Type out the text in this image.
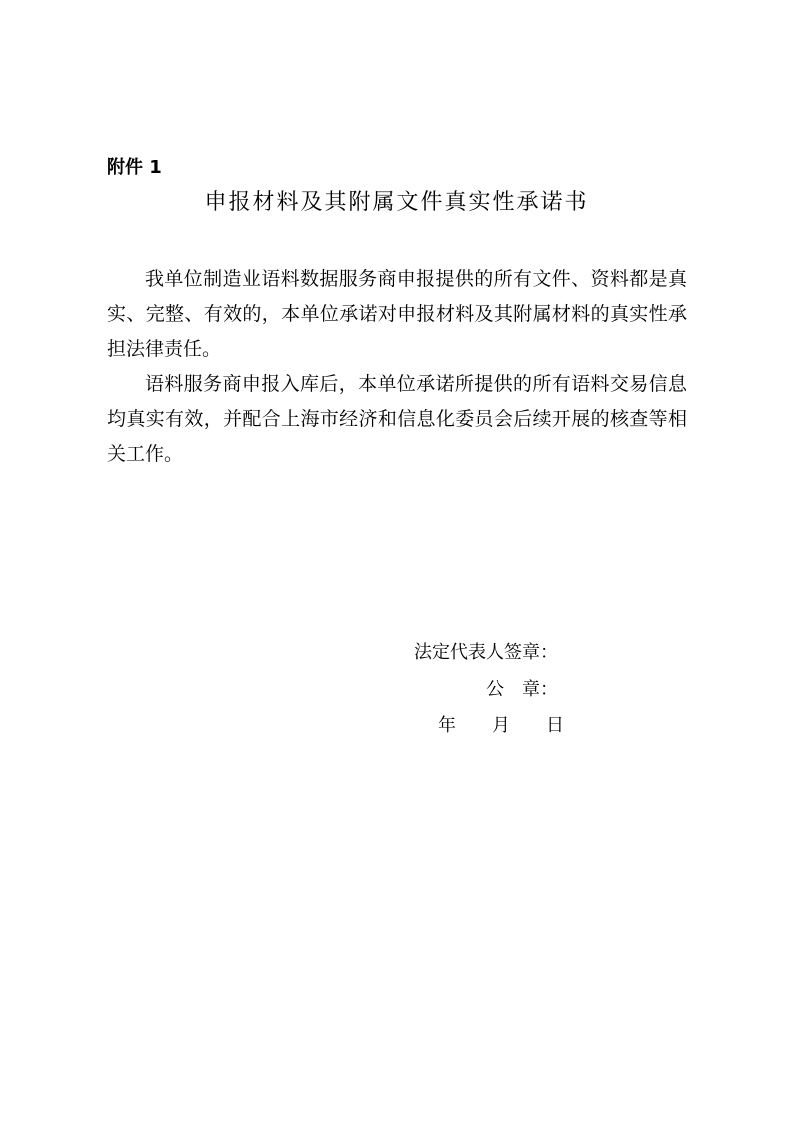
附件 1
申报材料及其附属文件真实性承诺书

我单位制造业语料数据服务商申报提供的所有文件、资料都是真实、完整、有效的，本单位承诺对申报材料及其附属材料的真实性承担法律责任。

语料服务商申报入库后，本单位承诺所提供的所有语料交易信息均真实有效，并配合上海市经济和信息化委员会后续开展的核查等相关工作。

法定代表人签章：
公　章：
年　　月　　日
